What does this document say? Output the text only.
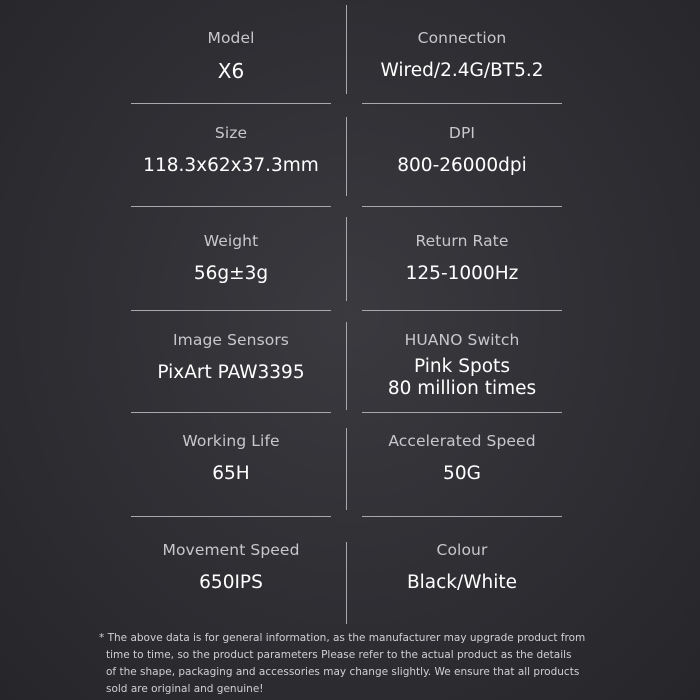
Model
X6
Connection
Wired/2.4G/BT5.2
Size
118.3x62x37.3mm
DPI
800-26000dpi
Weight
56g±3g
Return Rate
125-1000Hz
Image Sensors
PixArt PAW3395
HUANO Switch
Pink Spots
80 million times
Working Life
65H
Accelerated Speed
50G
Movement Speed
650IPS
Colour
Black/White
* The above data is for general information, as the manufacturer may upgrade product from
time to time, so the product parameters Please refer to the actual product as the details
of the shape, packaging and accessories may change slightly. We ensure that all products
sold are original and genuine!
